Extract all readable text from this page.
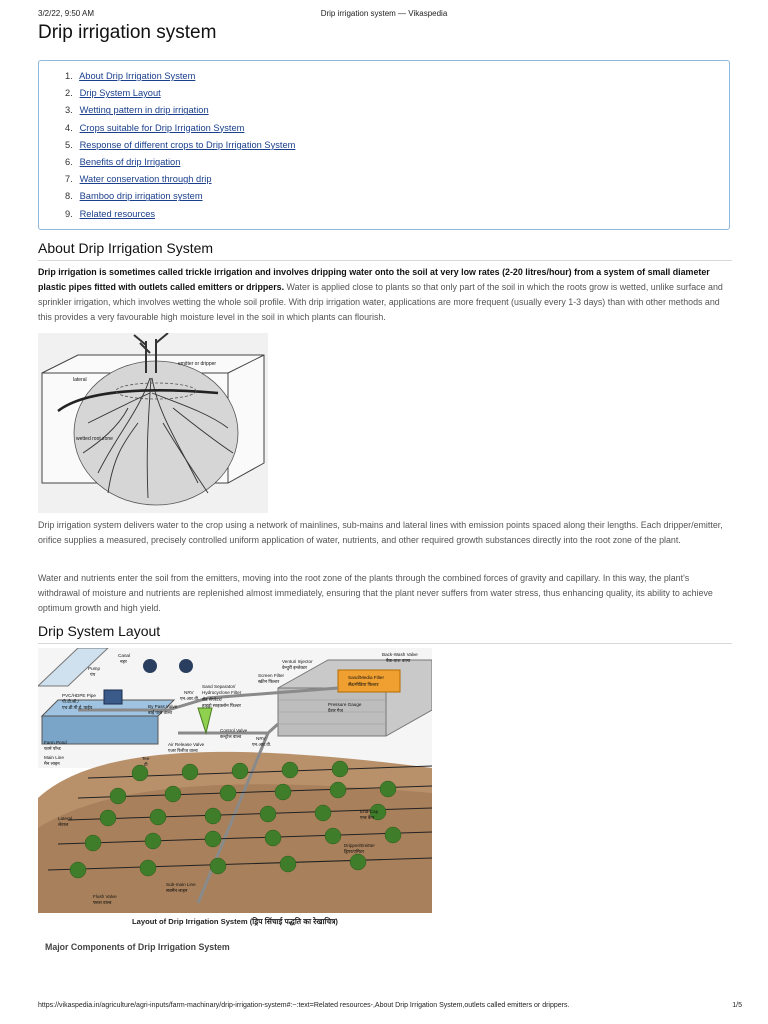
3/2/22, 9:50 AM	Drip irrigation system — Vikaspedia
Drip irrigation system
1. About Drip Irrigation System
2. Drip System Layout
3. Wetting pattern in drip irrigation
4. Crops suitable for Drip Irrigation System
5. Response of different crops to Drip Irrigation System
6. Benefits of drip Irrigation
7. Water conservation through drip
8. Bamboo drip irrigation system
9. Related resources
About Drip Irrigation System

Drip irrigation is sometimes called trickle irrigation and involves dripping water onto the soil at very low rates (2-20 litres/hour) from a system of small diameter plastic pipes fitted with outlets called emitters or drippers. Water is applied close to plants so that only part of the soil in which the roots grow is wetted, unlike surface and sprinkler irrigation, which involves wetting the whole soil profile. With drip irrigation water, applications are more frequent (usually every 1-3 days) than with other methods and this provides a very favourable high moisture level in the soil in which plants can flourish.

emitter or dripper
lateral
wetted root zone

Drip irrigation system delivers water to the crop using a network of mainlines, sub-mains and lateral lines with emission points spaced along their lengths. Each dripper/emitter, orifice supplies a measured, precisely controlled uniform application of water, nutrients, and other required growth substances directly into the root zone of the plant.

Water and nutrients enter the soil from the emitters, moving into the root zone of the plants through the combined forces of gravity and capillary. In this way, the plant's withdrawal of moisture and nutrients are replenished almost immediately, ensuring that the plant never suffers from water stress, thus enhancing quality, its ability to achieve optimum growth and high yield.

Drip System Layout
Canal
नहर
Pump
पंप
PVC/HDPE Pipe
पी.वी.सी./
एच.डी.पी.ई. पाईप
NRV
एन.आर.वी.
By Pass Valve
बाई पास वाल्व
Sand Separator/
Hydrocyclone Filter
सैंड सैपरेटर/
हाइड्रो साइक्लोन फिल्टर
Venturi Injector
वेन्चुरी इन्जेक्टर
Screen Filter
स्क्रीन फिल्टर
Back-Wash Valve
बैक-वाश वाल्व
Sand/Media Filter
सैंड/मीडिया फिल्टर
Pressure Gauge
प्रैशर गेज
Farm Pond
फार्म पॉन्ड
Main Line
मैन लाइन
Air Release Valve
एअर रिलीज वाल्व
Control Valve
कन्ट्रोल वाल्व	NRV
एन.आर.वी.
Tee
टी
Lateral
लेटरल
End-Cap
एन्ड कैप
Dripper/Emitter
ड्रिपर/एमिटर
Flush Valve
फ्लश वाल्व
Sub-main Line
सबमैन लाइन
Layout of Drip Irrigation System (ड्रिप सिंचाई पद्धति का रेखाचित्र)
Major Components of Drip Irrigation System
https://vikaspedia.in/agriculture/agri-inputs/farm-machinary/drip-irrigation-system#:~:text=Related resources-,About Drip Irrigation System,outlets called emitters or drippers.	1/5
